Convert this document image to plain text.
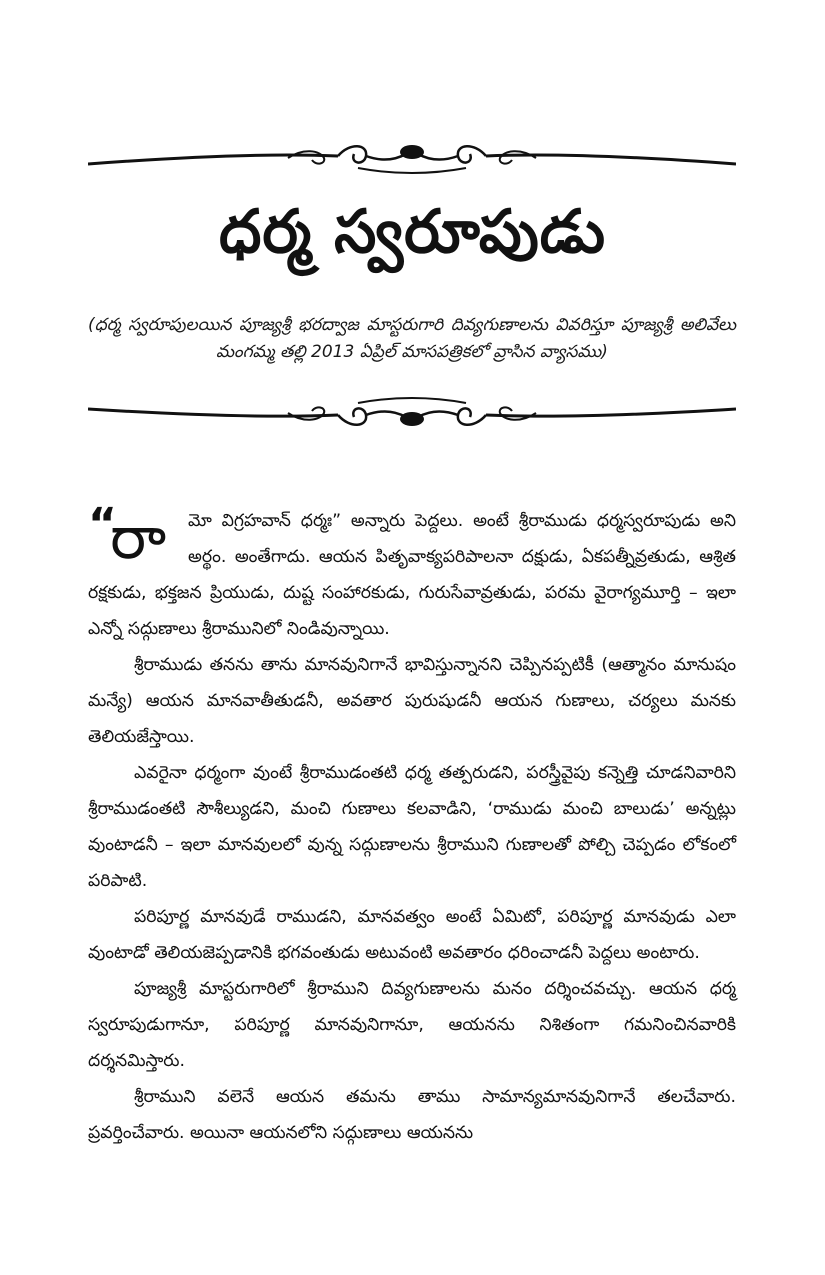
ధర్మ స్వరూపుడు
(ధర్మ స్వరూపులయిన పూజ్యశ్రీ భరద్వాజ మాస్టరుగారి దివ్యగుణాలను వివరిస్తూ పూజ్యశ్రీ అలివేలు మంగమ్మ తల్లి 2013 ఏప్రిల్ మాసపత్రికలో వ్రాసిన వ్యాసము)
“
రా	మో విగ్రహవాన్ ధర్మః” అన్నారు పెద్దలు. అంటే శ్రీరాముడు ధర్మస్వరూపుడు అని అర్థం. అంతేగాదు. ఆయన పితృవాక్యపరిపాలనా దక్షుడు, ఏకపత్నీవ్రతుడు, ఆశ్రిత రక్షకుడు, భక్తజన ప్రియుడు, దుష్ట సంహారకుడు, గురుసేవావ్రతుడు, పరమ వైరాగ్యమూర్తి – ఇలా ఎన్నో సద్గుణాలు శ్రీరామునిలో నిండివున్నాయి.

శ్రీరాముడు తనను తాను మానవునిగానే భావిస్తున్నానని చెప్పినప్పటికీ (ఆత్మానం మానుషం మన్యే) ఆయన మానవాతీతుడనీ, అవతార పురుషుడనీ ఆయన గుణాలు, చర్యలు మనకు తెలియజేస్తాయి.

ఎవరైనా ధర్మంగా వుంటే శ్రీరాముడంతటి ధర్మ తత్పరుడని, పరస్త్రీవైపు కన్నెత్తి చూడనివారిని శ్రీరాముడంతటి సౌశీల్యుడని, మంచి గుణాలు కలవాడిని, ‘రాముడు మంచి బాలుడు’ అన్నట్లు వుంటాడనీ – ఇలా మానవులలో వున్న సద్గుణాలను శ్రీరాముని గుణాలతో పోల్చి చెప్పడం లోకంలో పరిపాటి.

పరిపూర్ణ మానవుడే రాముడని, మానవత్వం అంటే ఏమిటో, పరిపూర్ణ మానవుడు ఎలా వుంటాడో తెలియజెప్పడానికి భగవంతుడు అటువంటి అవతారం ధరించాడనీ పెద్దలు అంటారు.

పూజ్యశ్రీ మాస్టరుగారిలో శ్రీరాముని దివ్యగుణాలను మనం దర్శించవచ్చు. ఆయన ధర్మ స్వరూపుడుగానూ, పరిపూర్ణ మానవునిగానూ, ఆయనను నిశితంగా గమనించినవారికి దర్శనమిస్తారు.

శ్రీరాముని వలెనే ఆయన తమను తాము సామాన్యమానవునిగానే తలచేవారు. ప్రవర్తించేవారు. అయినా ఆయనలోని సద్గుణాలు ఆయనను
